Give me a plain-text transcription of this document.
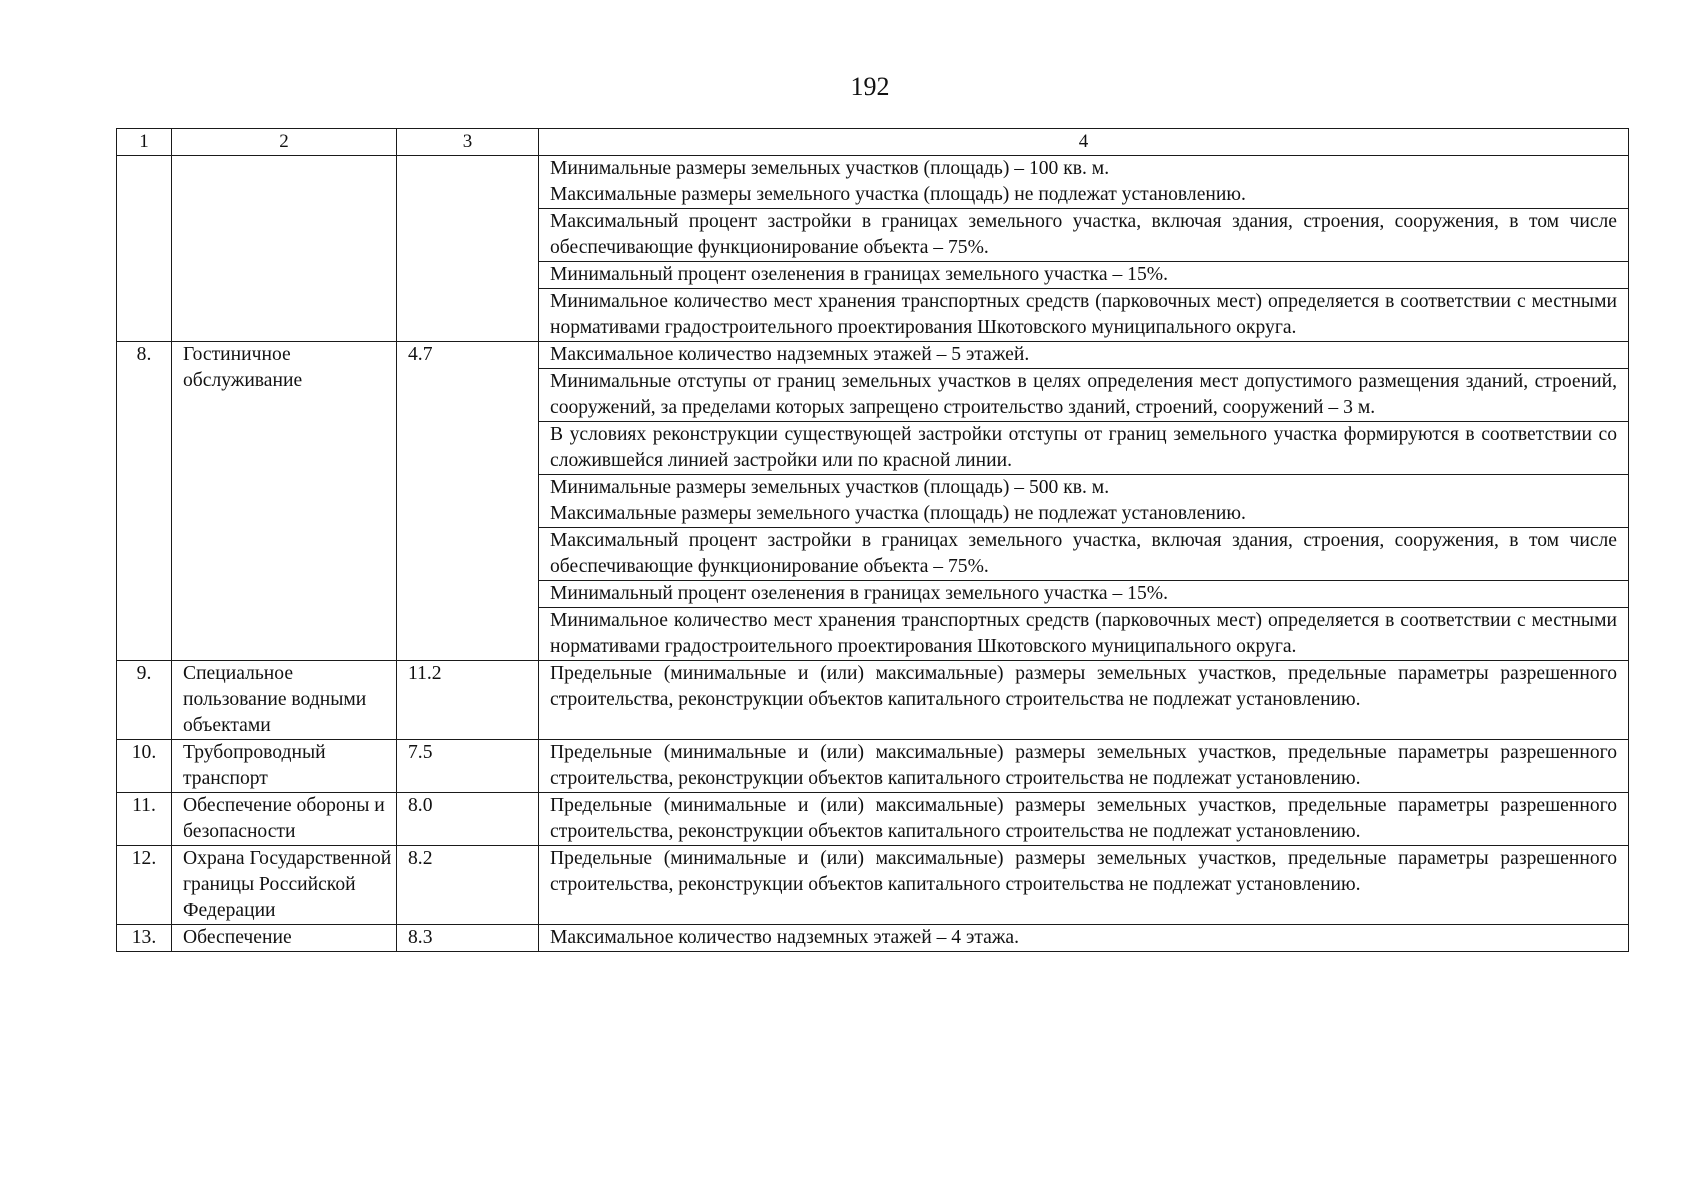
192
1	2	3	4

			Минимальные размеры земельных участков (площадь) – 100 кв. м.
Максимальные размеры земельного участка (площадь) не подлежат установлению.

			Максимальный процент застройки в границах земельного участка, включая здания, строения, сооружения, в том числе обеспечивающие функционирование объекта – 75%.

			Минимальный процент озеленения в границах земельного участка – 15%.

			Минимальное количество мест хранения транспортных средств (парковочных мест) определяется в соответствии с местными нормативами градостроительного проектирования Шкотовского муниципального округа.

8.	Гостиничное обслуживание	4.7	Максимальное количество надземных этажей – 5 этажей.

			Минимальные отступы от границ земельных участков в целях определения мест допустимого размещения зданий, строений, сооружений, за пределами которых запрещено строительство зданий, строений, сооружений – 3 м.

			В условиях реконструкции существующей застройки отступы от границ земельного участка формируются в соответствии со сложившейся линией застройки или по красной линии.

			Минимальные размеры земельных участков (площадь) – 500 кв. м.
Максимальные размеры земельного участка (площадь) не подлежат установлению.

			Максимальный процент застройки в границах земельного участка, включая здания, строения, сооружения, в том числе обеспечивающие функционирование объекта – 75%.

			Минимальный процент озеленения в границах земельного участка – 15%.

			Минимальное количество мест хранения транспортных средств (парковочных мест) определяется в соответствии с местными нормативами градостроительного проектирования Шкотовского муниципального округа.

9.	Специальное пользование водными объектами	11.2	Предельные (минимальные и (или) максимальные) размеры земельных участков, предельные параметры разрешенного строительства, реконструкции объектов капитального строительства не подлежат установлению.

10.	Трубопроводный транспорт	7.5	Предельные (минимальные и (или) максимальные) размеры земельных участков, предельные параметры разрешенного строительства, реконструкции объектов капитального строительства не подлежат установлению.

11.	Обеспечение обороны и безопасности	8.0	Предельные (минимальные и (или) максимальные) размеры земельных участков, предельные параметры разрешенного строительства, реконструкции объектов капитального строительства не подлежат установлению.

12.	Охрана Государственной границы Российской Федерации	8.2	Предельные (минимальные и (или) максимальные) размеры земельных участков, предельные параметры разрешенного строительства, реконструкции объектов капитального строительства не подлежат установлению.

13.	Обеспечение	8.3	Максимальное количество надземных этажей – 4 этажа.
